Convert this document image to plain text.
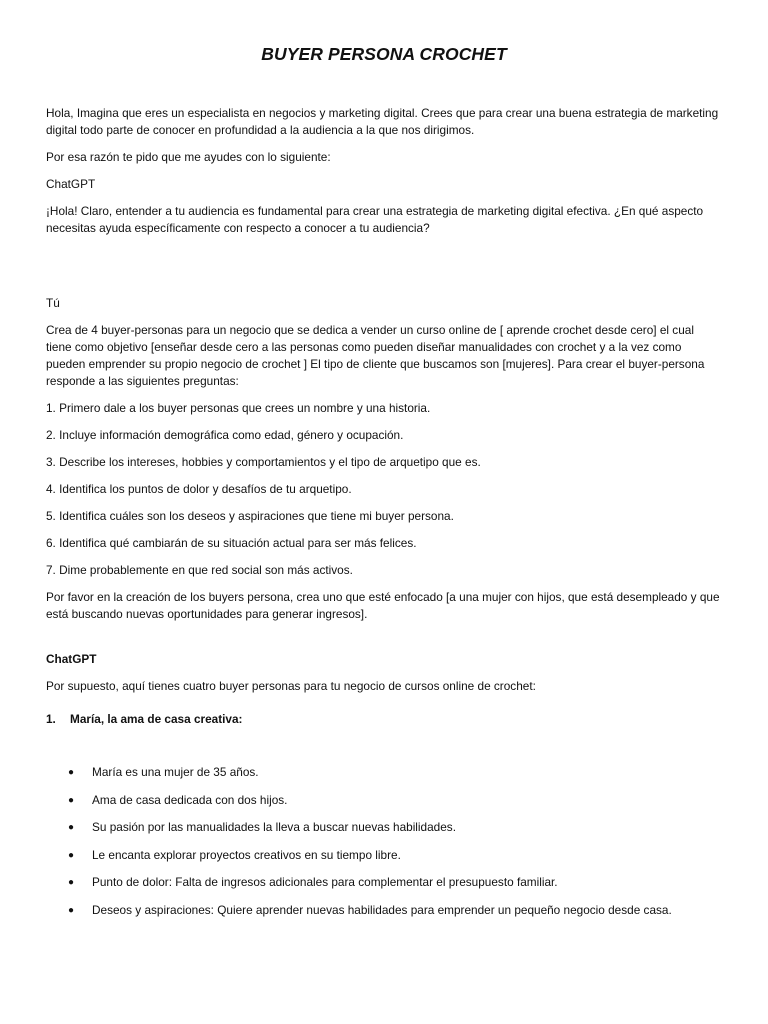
BUYER PERSONA CROCHET

Hola, Imagina que eres un especialista en negocios y marketing digital. Crees que para crear una buena estrategia de marketing digital todo parte de conocer en profundidad a la audiencia a la que nos dirigimos.

Por esa razón te pido que me ayudes con lo siguiente:

ChatGPT

¡Hola! Claro, entender a tu audiencia es fundamental para crear una estrategia de marketing digital efectiva. ¿En qué aspecto necesitas ayuda específicamente con respecto a conocer a tu audiencia?

Tú

Crea de 4 buyer-personas para un negocio que se dedica a vender un curso online de [ aprende crochet desde cero] el cual tiene como objetivo [enseñar desde cero a las personas como pueden diseñar manualidades con crochet y a la vez como pueden emprender su propio negocio de crochet ] El tipo de cliente que buscamos son [mujeres]. Para crear el buyer-persona responde a las siguientes preguntas:

1. Primero dale a los buyer personas que crees un nombre y una historia.

2. Incluye información demográfica como edad, género y ocupación.

3. Describe los intereses, hobbies y comportamientos y el tipo de arquetipo que es.

4. Identifica los puntos de dolor y desafíos de tu arquetipo.

5. Identifica cuáles son los deseos y aspiraciones que tiene mi buyer persona.

6. Identifica qué cambiarán de su situación actual para ser más felices.

7. Dime probablemente en que red social son más activos.

Por favor en la creación de los buyers persona, crea uno que esté enfocado [a una mujer con hijos, que está desempleado y que está buscando nuevas oportunidades para generar ingresos].

ChatGPT

Por supuesto, aquí tienes cuatro buyer personas para tu negocio de cursos online de crochet:

1.	María, la ama de casa creativa:
●	María es una mujer de 35 años.
●	Ama de casa dedicada con dos hijos.
●	Su pasión por las manualidades la lleva a buscar nuevas habilidades.
●	Le encanta explorar proyectos creativos en su tiempo libre.
●	Punto de dolor: Falta de ingresos adicionales para complementar el presupuesto familiar.
●	Deseos y aspiraciones: Quiere aprender nuevas habilidades para emprender un pequeño negocio desde casa.
